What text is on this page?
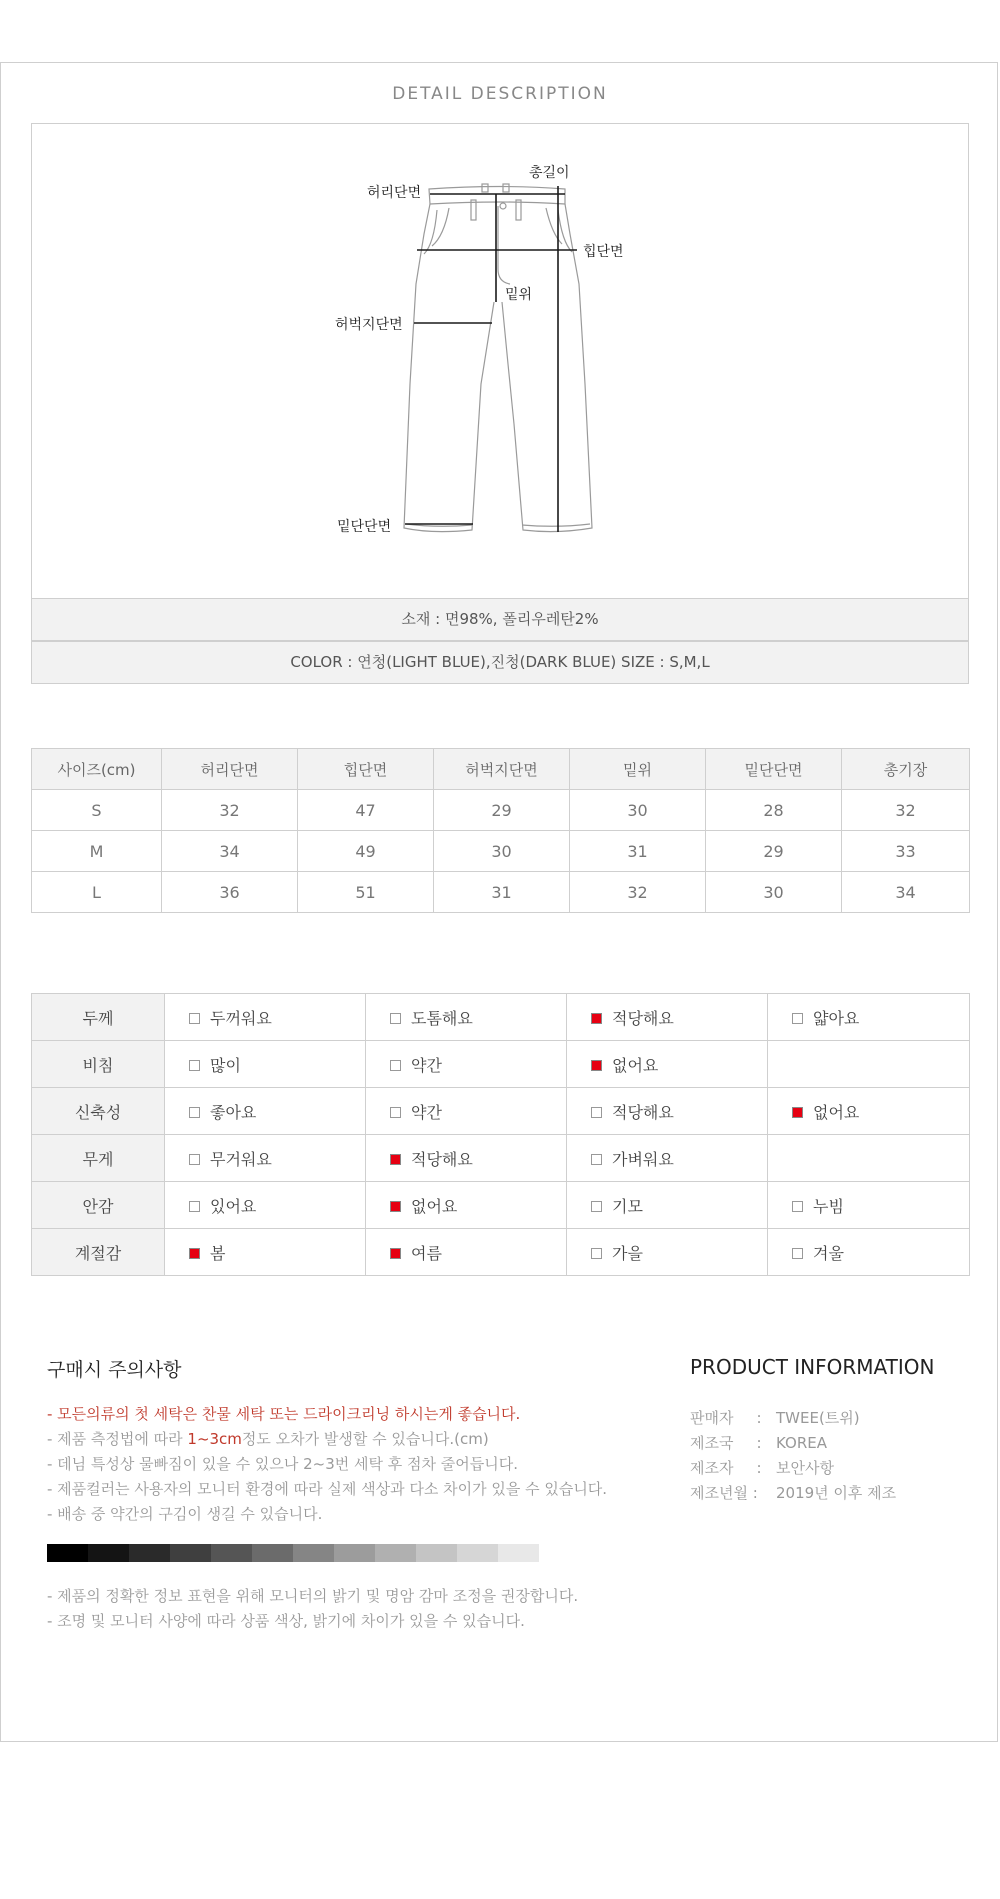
DETAIL DESCRIPTION
허리단면
총길이
힙단면
밑위
허벅지단면
밑단단면
소재 : 면98%, 폴리우레탄2%
COLOR : 연청(LIGHT BLUE),진청(DARK BLUE) SIZE : S,M,L
사이즈(cm)	허리단면	힙단면	허벅지단면	밑위	밑단단면	총기장
S	32	47	29	30	28	32
M	34	49	30	31	29	33
L	36	51	31	32	30	34
두께	두꺼워요	도톰해요	적당해요	얇아요
비침	많이	약간	없어요	
신축성	좋아요	약간	적당해요	없어요
무게	무거워요	적당해요	가벼워요	
안감	있어요	없어요	기모	누빔
계절감	봄	여름	가을	겨울
구매시 주의사항
- 모든의류의 첫 세탁은 찬물 세탁 또는 드라이크리닝 하시는게 좋습니다.
- 제품 측정법에 따라 1~3cm정도 오차가 발생할 수 있습니다.(cm)
- 데님 특성상 물빠짐이 있을 수 있으나 2~3번 세탁 후 점차 줄어듭니다.
- 제품컬러는 사용자의 모니터 환경에 따라 실제 색상과 다소 차이가 있을 수 있습니다.
- 배송 중 약간의 구김이 생길 수 있습니다.
- 제품의 정확한 정보 표현을 위해 모니터의 밝기 및 명암 감마 조정을 권장합니다.
- 조명 및 모니터 사양에 따라 상품 색상, 밝기에 차이가 있을 수 있습니다.
PRODUCT INFORMATION
판매자 : TWEE(트위)
제조국 : KOREA
제조자 : 보안사항
제조년월 : 2019년 이후 제조
